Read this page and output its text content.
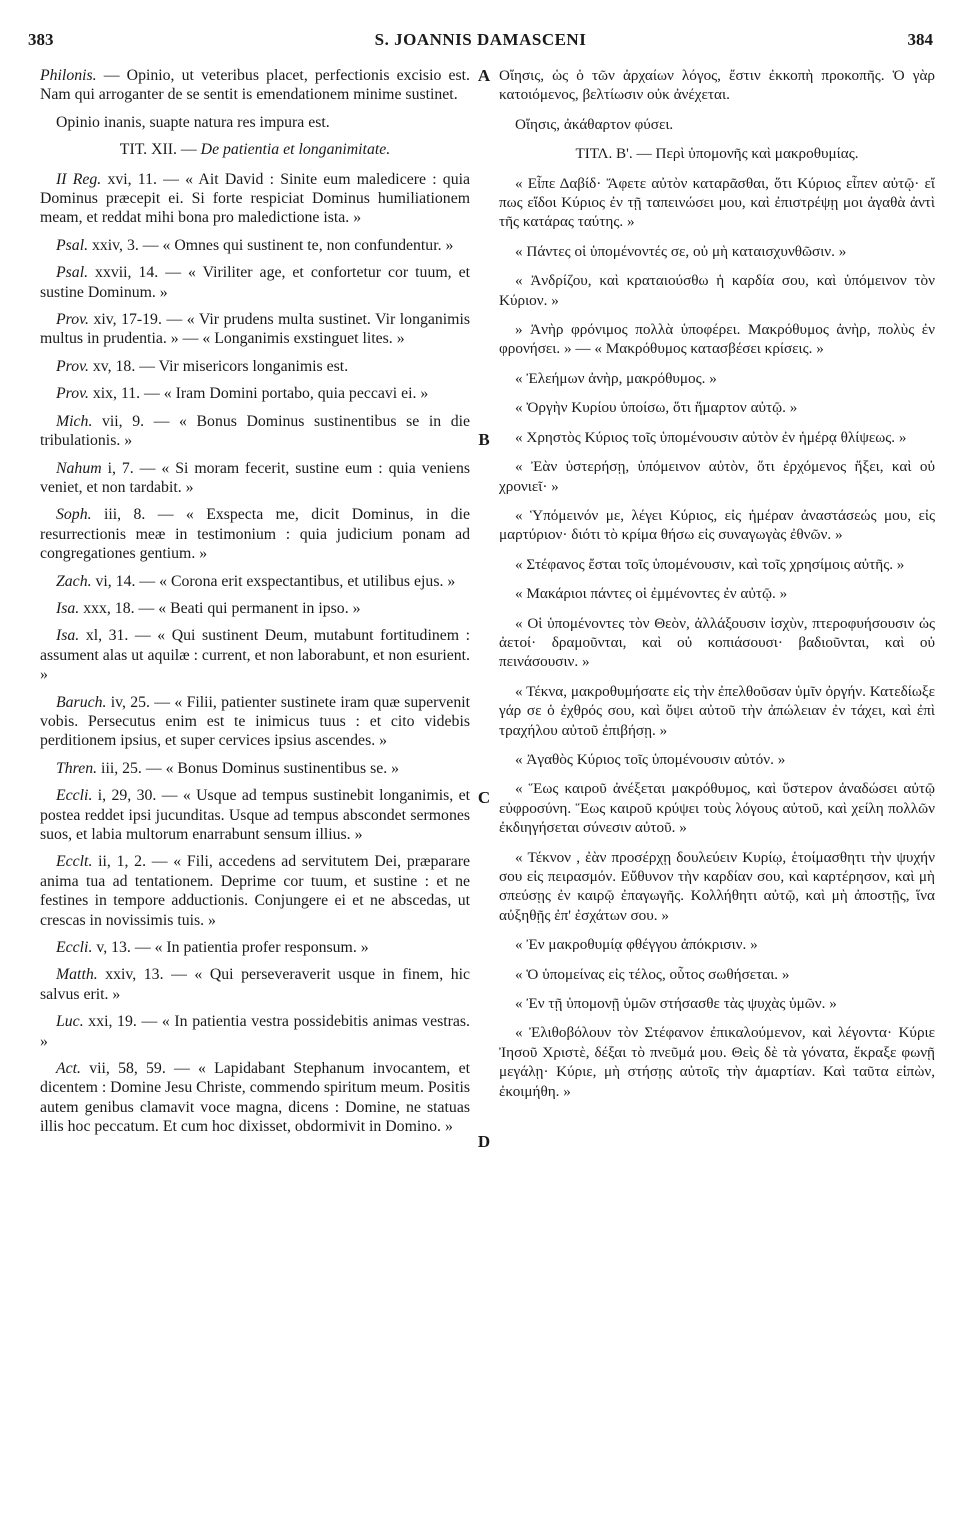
383	S. JOANNIS DAMASCENI	384
A
B
C
D

Philonis. — Opinio, ut veteribus placet, perfectionis excisio est. Nam qui arroganter de se sentit is emendationem minime sustinet.

Opinio inanis, suapte natura res impura est.

TIT. XII. — De patientia et longanimitate.

II Reg. xvi, 11. — « Ait David : Sinite eum maledicere : quia Dominus præcepit ei. Si forte respiciat Dominus humiliationem meam, et reddat mihi bona pro maledictione ista. »

Psal. xxiv, 3. — « Omnes qui sustinent te, non confundentur. »

Psal. xxvii, 14. — « Viriliter age, et confortetur cor tuum, et sustine Dominum. »

Prov. xiv, 17-19. — « Vir prudens multa sustinet. Vir longanimis multus in prudentia. » — « Longanimis exstinguet lites. »

Prov. xv, 18. — Vir misericors longanimis est.

Prov. xix, 11. — « Iram Domini portabo, quia peccavi ei. »

Mich. vii, 9. — « Bonus Dominus sustinentibus se in die tribulationis. »

Nahum i, 7. — « Si moram fecerit, sustine eum : quia veniens veniet, et non tardabit. »

Soph. iii, 8. — « Exspecta me, dicit Dominus, in die resurrectionis meæ in testimonium : quia judicium ponam ad congregationes gentium. »

Zach. vi, 14. — « Corona erit exspectantibus, et utilibus ejus. »

Isa. xxx, 18. — « Beati qui permanent in ipso. »

Isa. xl, 31. — « Qui sustinent Deum, mutabunt fortitudinem : assument alas ut aquilæ : current, et non laborabunt, et non esurient. »

Baruch. iv, 25. — « Filii, patienter sustinete iram quæ supervenit vobis. Persecutus enim est te inimicus tuus : et cito videbis perditionem ipsius, et super cervices ipsius ascendes. »

Thren. iii, 25. — « Bonus Dominus sustinentibus se. »

Eccli. i, 29, 30. — « Usque ad tempus sustinebit longanimis, et postea reddet ipsi jucunditas. Usque ad tempus abscondet sermones suos, et labia multorum enarrabunt sensum illius. »

Ecclt. ii, 1, 2. — « Fili, accedens ad servitutem Dei, præparare anima tua ad tentationem. Deprime cor tuum, et sustine : et ne festines in tempore adductionis. Conjungere ei et ne abscedas, ut crescas in novissimis tuis. »

Eccli. v, 13. — « In patientia profer responsum. »

Matth. xxiv, 13. — « Qui perseveraverit usque in finem, hic salvus erit. »

Luc. xxi, 19. — « In patientia vestra possidebitis animas vestras. »

Act. vii, 58, 59. — « Lapidabant Stephanum invocantem, et dicentem : Domine Jesu Christe, commendo spiritum meum. Positis autem genibus clamavit voce magna, dicens : Domine, ne statuas illis hoc peccatum. Et cum hoc dixisset, obdormivit in Domino. »

Οἴησις, ὡς ὁ τῶν ἀρχαίων λόγος, ἔστιν ἐκκοπὴ προκοπῆς. Ὁ γὰρ κατοιόμενος, βελτίωσιν οὐκ ἀνέχεται.

Οἴησις, ἀκάθαρτον φύσει.

ΤΙΤΛ. Β'. — Περὶ ὑπομονῆς καὶ μακροθυμίας.

« Εἶπε Δαβίδ· Ἄφετε αὐτὸν καταρᾶσθαι, ὅτι Κύριος εἶπεν αὐτῷ· εἴ πως εἴδοι Κύριος ἐν τῇ ταπεινώσει μου, καὶ ἐπιστρέψῃ μοι ἀγαθὰ ἀντὶ τῆς κατάρας ταύτης. »

« Πάντες οἱ ὑπομένοντές σε, οὐ μὴ καταισχυνθῶσιν. »

« Ἀνδρίζου, καὶ κραταιούσθω ἡ καρδία σου, καὶ ὑπόμεινον τὸν Κύριον. »

» Ἀνὴρ φρόνιμος πολλὰ ὑποφέρει. Μακρόθυμος ἀνὴρ, πολὺς ἐν φρονήσει. » — « Μακρόθυμος κατασβέσει κρίσεις. »

« Ἐλεήμων ἀνὴρ, μακρόθυμος. »

« Ὀργὴν Κυρίου ὑποίσω, ὅτι ἥμαρτον αὐτῷ. »

« Χρηστὸς Κύριος τοῖς ὑπομένουσιν αὐτὸν ἐν ἡμέρᾳ θλίψεως. »

« Ἐὰν ὑστερήσῃ, ὑπόμεινον αὐτὸν, ὅτι ἐρχόμενος ἥξει, καὶ οὐ χρονιεῖ· »

« Ὑπόμεινόν με, λέγει Κύριος, εἰς ἡμέραν ἀναστάσεώς μου, εἰς μαρτύριον· διότι τὸ κρίμα θήσω εἰς συναγωγὰς ἐθνῶν. »

« Στέφανος ἔσται τοῖς ὑπομένουσιν, καὶ τοῖς χρησίμοις αὐτῆς. »

« Μακάριοι πάντες οἱ ἐμμένοντες ἐν αὐτῷ. »

« Οἱ ὑπομένοντες τὸν Θεὸν, ἀλλάξουσιν ἰσχὺν, πτεροφυήσουσιν ὡς ἀετοί· δραμοῦνται, καὶ οὐ κοπιάσουσι· βαδιοῦνται, καὶ οὐ πεινάσουσιν. »

« Τέκνα, μακροθυμήσατε εἰς τὴν ἐπελθοῦσαν ὑμῖν ὀργήν. Κατεδίωξε γάρ σε ὁ ἐχθρός σου, καὶ ὄψει αὐτοῦ τὴν ἀπώλειαν ἐν τάχει, καὶ ἐπὶ τραχήλου αὐτοῦ ἐπιβήσῃ. »

« Ἀγαθὸς Κύριος τοῖς ὑπομένουσιν αὐτόν. »

« Ἕως καιροῦ ἀνέξεται μακρόθυμος, καὶ ὕστερον ἀναδώσει αὐτῷ εὐφροσύνη. Ἕως καιροῦ κρύψει τοὺς λόγους αὐτοῦ, καὶ χείλη πολλῶν ἐκδιηγήσεται σύνεσιν αὐτοῦ. »

« Τέκνον , ἐὰν προσέρχῃ δουλεύειν Κυρίῳ, ἑτοίμασθητι τὴν ψυχήν σου εἰς πειρασμόν. Εὔθυνον τὴν καρδίαν σου, καὶ καρτέρησον, καὶ μὴ σπεύσῃς ἐν καιρῷ ἐπαγωγῆς. Κολλήθητι αὐτῷ, καὶ μὴ ἀποστῇς, ἵνα αὐξηθῇς ἐπ' ἐσχάτων σου. »

« Ἐν μακροθυμίᾳ φθέγγου ἀπόκρισιν. »

« Ὁ ὑπομείνας εἰς τέλος, οὗτος σωθήσεται. »

« Ἐν τῇ ὑπομονῇ ὑμῶν στήσασθε τὰς ψυχὰς ὑμῶν. »

« Ἐλιθοβόλουν τὸν Στέφανον ἐπικαλούμενον, καὶ λέγοντα· Κύριε Ἰησοῦ Χριστὲ, δέξαι τὸ πνεῦμά μου. Θεὶς δὲ τὰ γόνατα, ἔκραξε φωνῇ μεγάλῃ· Κύριε, μὴ στήσῃς αὐτοῖς τὴν ἁμαρτίαν. Καὶ ταῦτα εἰπὼν, ἐκοιμήθη. »
